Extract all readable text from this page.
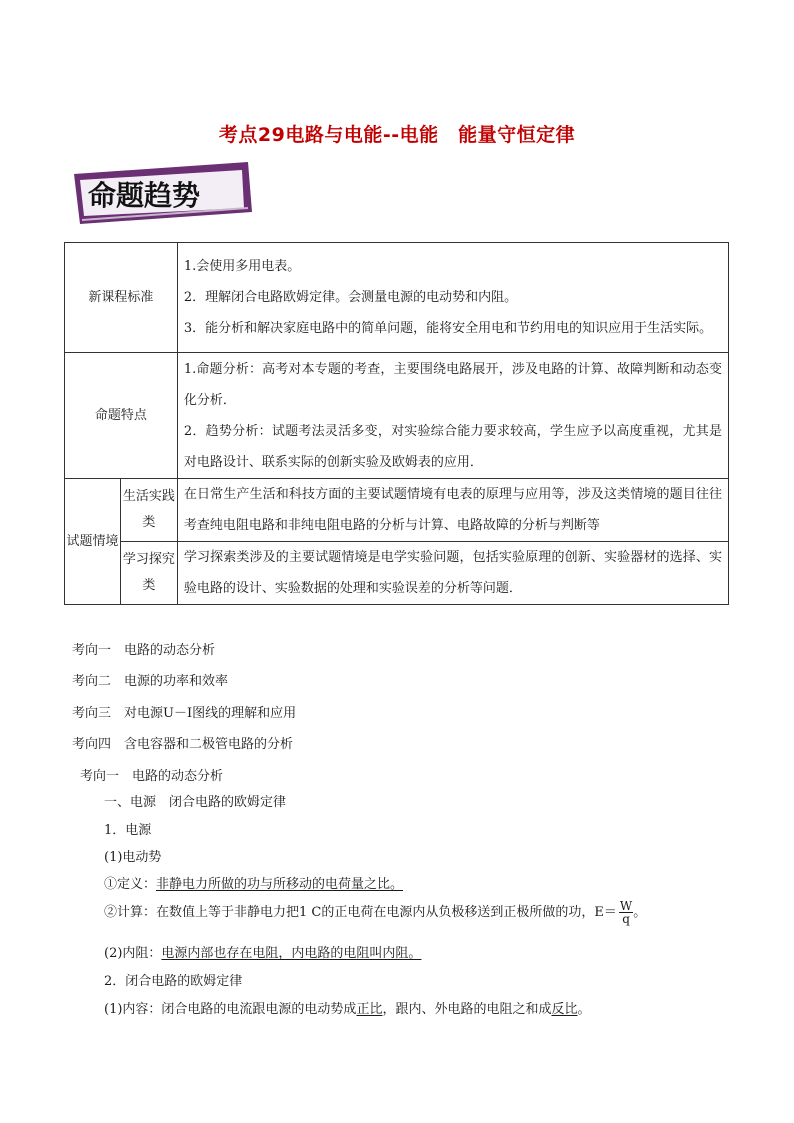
考点29电路与电能--电能　能量守恒定律
命题趋势
新课程标准		1.会使用多用电表。
2．理解闭合电路欧姆定律。会测量电源的电动势和内阻。
3．能分析和解决家庭电路中的简单问题，能将安全用电和节约用电的知识应用于生活实际。

命题特点		1.命题分析：高考对本专题的考查，主要围绕电路展开，涉及电路的计算、故障判断和动态变化分析．
2．趋势分析：试题考法灵活多变，对实验综合能力要求较高，学生应予以高度重视，尤其是对电路设计、联系实际的创新实验及欧姆表的应用．

试题情境	生活实践类	在日常生产生活和科技方面的主要试题情境有电表的原理与应用等，涉及这类情境的题目往往考查纯电阻电路和非纯电阻电路的分析与计算、电路故障的分析与判断等
	学习探究类	学习探索类涉及的主要试题情境是电学实验问题，包括实验原理的创新、实验器材的选择、实验电路的设计、实验数据的处理和实验误差的分析等问题．
考向一　电路的动态分析
考向二　电源的功率和效率
考向三　对电源U－I图线的理解和应用
考向四　含电容器和二极管电路的分析
考向一　电路的动态分析
一、电源　闭合电路的欧姆定律
1．电源
(1)电动势
①定义：非静电力所做的功与所移动的电荷量之比。
②计算：在数值上等于非静电力把1 C的正电荷在电源内从负极移送到正极所做的功，$E= \frac{W}{q}$ 。
(2)内阻：电源内部也存在电阻，内电路的电阻叫内阻。
2．闭合电路的欧姆定律
(1)内容：闭合电路的电流跟电源的电动势成正比，跟内、外电路的电阻之和成反比。
